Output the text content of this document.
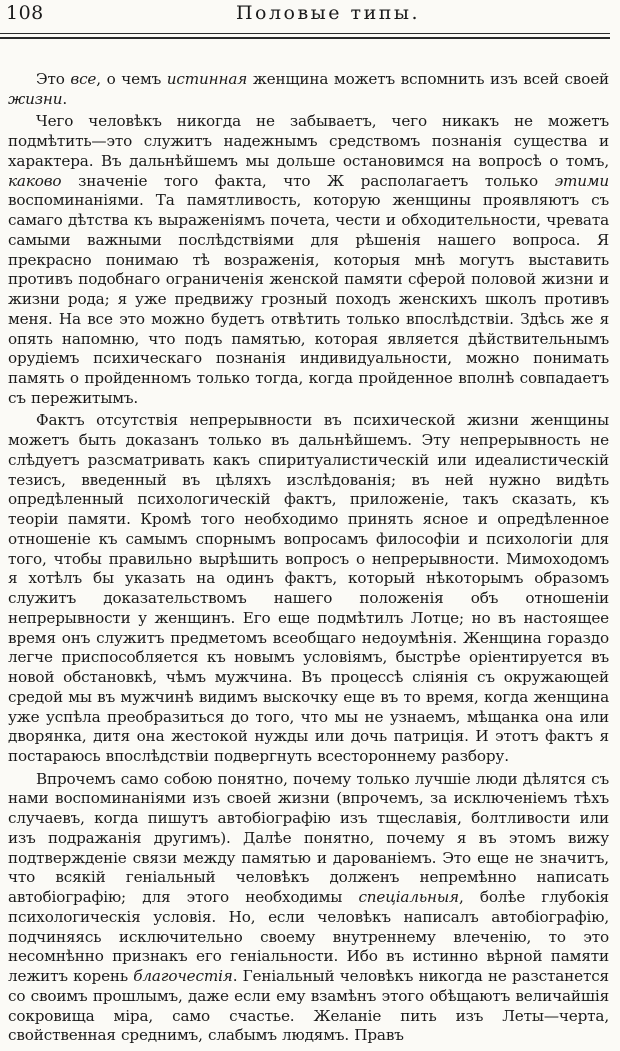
108	Половые типы.

Это все, о чемъ истинная женщина можетъ вспомнить изъ всей своей жизни.

Чего человѣкъ никогда не забываетъ, чего никакъ не можетъ подмѣтить—это служитъ надежнымъ средствомъ познанія существа и характера. Въ дальнѣйшемъ мы дольше остановимся на вопросѣ о томъ, каково значеніе того факта, что Ж располагаетъ только этими воспоминаніями. Та памятливость, которую женщины проявляютъ съ самаго дѣтства къ выраженіямъ почета, чести и обходительности, чревата самыми важными послѣдствіями для рѣшенія нашего вопроса. Я прекрасно понимаю тѣ возраженія, которыя мнѣ могутъ выставить противъ подобнаго ограниченія женской памяти сферой половой жизни и жизни рода; я уже предвижу грозный походъ женскихъ школъ противъ меня. На все это можно будетъ отвѣтить только впослѣдствіи. Здѣсь же я опять напомню, что подъ памятью, которая является дѣйствительнымъ орудіемъ психическаго познанія индивидуальности, можно понимать память о пройденномъ только тогда, когда пройденное вполнѣ совпадаетъ съ пережитымъ.

Фактъ отсутствія непрерывности въ психической жизни женщины можетъ быть доказанъ только въ дальнѣйшемъ. Эту непрерывность не слѣдуетъ разсматривать какъ спиритуалистическій или идеалистическій тезисъ, введенный въ цѣляхъ изслѣдованія; въ ней нужно видѣть опредѣленный психологическій фактъ, приложеніе, такъ сказать, къ теоріи памяти. Кромѣ того необходимо принять ясное и опредѣленное отношеніе къ самымъ спорнымъ вопросамъ философіи и психологіи для того, чтобы правильно вырѣшить вопросъ о непрерывности. Мимоходомъ я хотѣлъ бы указать на одинъ фактъ, который нѣкоторымъ образомъ служитъ доказательствомъ нашего положенія объ отношеніи непрерывности у женщинъ. Его еще подмѣтилъ Лотце; но въ настоящее время онъ служитъ предметомъ всеобщаго недоумѣнія. Женщина гораздо легче приспособляется къ новымъ условіямъ, быстрѣе оріентируется въ новой обстановкѣ, чѣмъ мужчина. Въ процессѣ сліянія съ окружающей средой мы въ мужчинѣ видимъ выскочку еще въ то время, когда женщина уже успѣла преобразиться до того, что мы не узнаемъ, мѣщанка она или дворянка, дитя она жестокой нужды или дочь патриція. И этотъ фактъ я постараюсь впослѣдствіи подвергнуть всестороннему разбору.

Впрочемъ само собою понятно, почему только лучшіе люди дѣлятся съ нами воспоминаніями изъ своей жизни (впрочемъ, за исключеніемъ тѣхъ случаевъ, когда пишутъ автобіографію изъ тщеславія, болтливости или изъ подражанія другимъ). Далѣе понятно, почему я въ этомъ вижу подтвержденіе связи между памятью и дарованіемъ. Это еще не значитъ, что всякій геніальный человѣкъ долженъ непремѣнно написать автобіографію; для этого необходимы спеціальныя, болѣе глубокія психологическія условія. Но, если человѣкъ написалъ автобіографію, подчиняясь исключительно своему внутреннему влеченію, то это несомнѣнно признакъ его геніальности. Ибо въ истинно вѣрной памяти лежитъ корень благочестія. Геніальный человѣкъ никогда не разстанется со своимъ прошлымъ, даже если ему взамѣнъ этого обѣщаютъ величайшія сокровища міра, само счастье. Желаніе пить изъ Леты—черта, свойственная среднимъ, слабымъ людямъ. Правъ
